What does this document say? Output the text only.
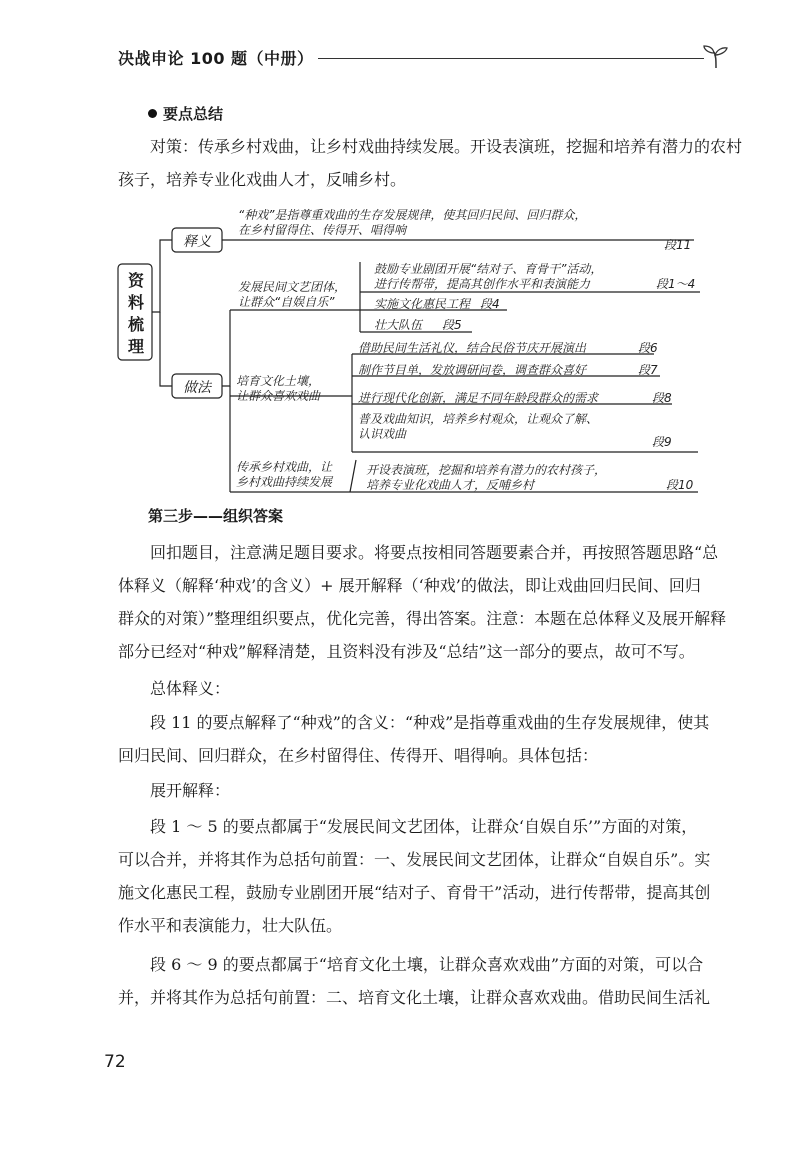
决战申论 100 题（中册）
要点总结
对策：传承乡村戏曲，让乡村戏曲持续发展。开设表演班，挖掘和培养有潜力的农村
孩子，培养专业化戏曲人才，反哺乡村。
资
料
梳
理
释义
“种戏”是指尊重戏曲的生存发展规律，使其回归民间、回归群众，
在乡村留得住、传得开、唱得响
段11
做法
发展民间文艺团体，
让群众“自娱自乐”
鼓励专业剧团开展“结对子、育骨干”活动，
进行传帮带，提高其创作水平和表演能力	段1～4
实施文化惠民工程 段4
壮大队伍 段5
培育文化土壤，
让群众喜欢戏曲
借助民间生活礼仪，结合民俗节庆开展演出	段6
制作节目单，发放调研问卷，调查群众喜好	段7
进行现代化创新，满足不同年龄段群众的需求	段8
普及戏曲知识，培养乡村观众，让观众了解、
认识戏曲
段9
传承乡村戏曲，让
乡村戏曲持续发展
开设表演班，挖掘和培养有潜力的农村孩子，
培养专业化戏曲人才，反哺乡村	段10
第三步——组织答案
回扣题目，注意满足题目要求。将要点按相同答题要素合并，再按照答题思路“总
体释义（解释‘种戏’的含义）+ 展开解释（‘种戏’的做法，即让戏曲回归民间、回归
群众的对策）”整理组织要点，优化完善，得出答案。注意：本题在总体释义及展开解释
部分已经对“种戏”解释清楚，且资料没有涉及“总结”这一部分的要点，故可不写。
总体释义：
段 11 的要点解释了“种戏”的含义：“种戏”是指尊重戏曲的生存发展规律，使其
回归民间、回归群众，在乡村留得住、传得开、唱得响。具体包括：
展开解释：
段 1 ～ 5 的要点都属于“发展民间文艺团体，让群众‘自娱自乐’”方面的对策，
可以合并，并将其作为总括句前置：一、发展民间文艺团体，让群众“自娱自乐”。实
施文化惠民工程，鼓励专业剧团开展“结对子、育骨干”活动，进行传帮带，提高其创
作水平和表演能力，壮大队伍。
段 6 ～ 9 的要点都属于“培育文化土壤，让群众喜欢戏曲”方面的对策，可以合
并，并将其作为总括句前置：二、培育文化土壤，让群众喜欢戏曲。借助民间生活礼
72
